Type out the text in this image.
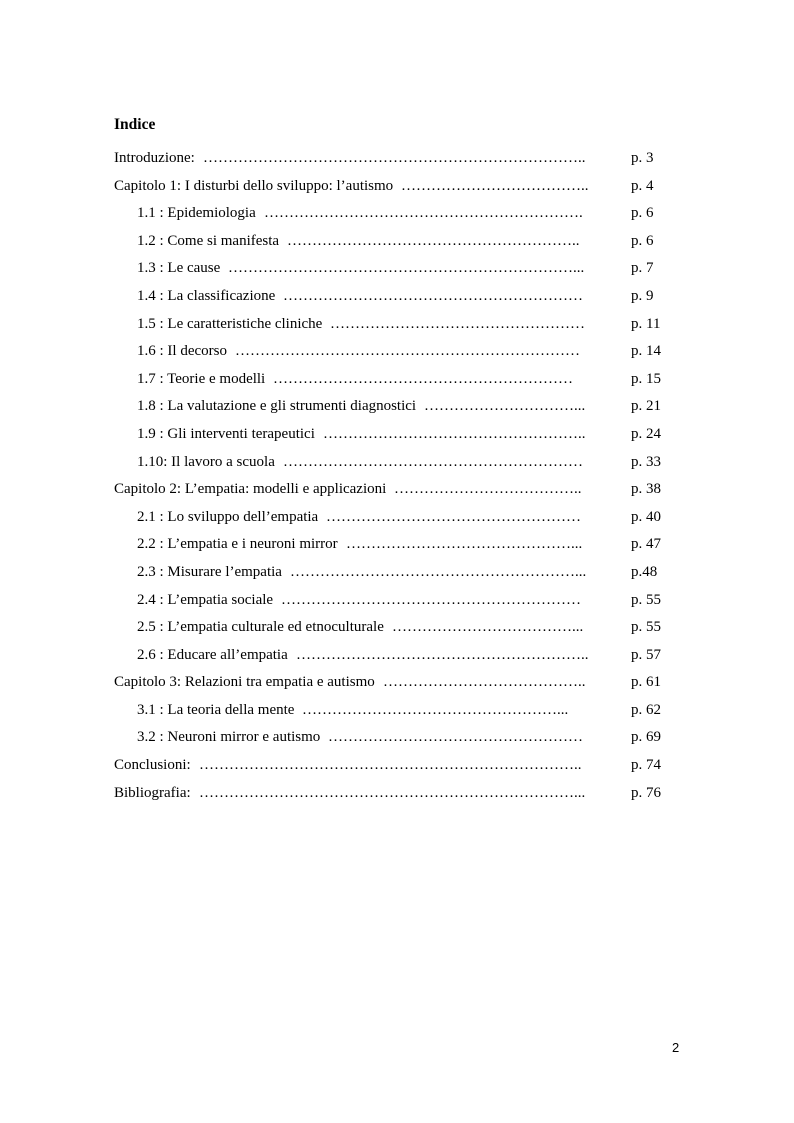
Indice
Introduzione: …………………………………………………………………..	p. 3
Capitolo 1: I disturbi dello sviluppo: l’autismo ………………………………..	p. 4
1.1 : Epidemiologia ……………………………………………………….	p. 6
1.2 : Come si manifesta …………………………………………………..	p. 6
1.3 : Le cause ……………………………………………………………...	p. 7
1.4 : La classificazione ……………………………………………………	p. 9
1.5 : Le caratteristiche cliniche ……………………………………………	p. 11
1.6 : Il decorso ……………………………………………………………	p. 14
1.7 : Teorie e modelli ……………………………………………………	p. 15
1.8 : La valutazione e gli strumenti diagnostici …………………………...	p. 21
1.9 : Gli interventi terapeutici ……………………………………………..	p. 24
1.10: Il lavoro a scuola ……………………………………………………	p. 33
Capitolo 2: L’empatia: modelli e applicazioni ………………………………..	p. 38
2.1 : Lo sviluppo dell’empatia ……………………………………………	p. 40
2.2 : L’empatia e i neuroni mirror ………………………………………...	p. 47
2.3 : Misurare l’empatia …………………………………………………...	p.48
2.4 : L’empatia sociale ……………………………………………………	p. 55
2.5 : L’empatia culturale ed etnoculturale ………………………………...	p. 55
2.6 : Educare all’empatia …………………………………………………..	p. 57
Capitolo 3: Relazioni tra empatia e autismo …………………………………..	p. 61
3.1 : La teoria della mente ……………………………………………...	p. 62
3.2 : Neuroni mirror e autismo ……………………………………………	p. 69
Conclusioni: …………………………………………………………………..	p. 74
Bibliografia: …………………………………………………………………...	p. 76
2
